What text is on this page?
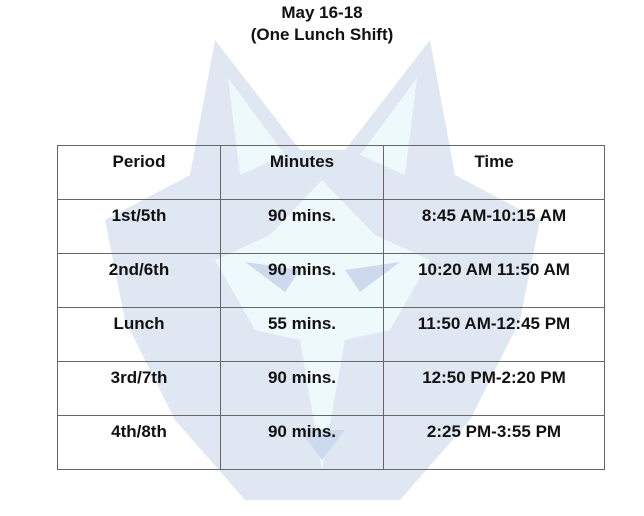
May 16-18
(One Lunch Shift)
Period	Minutes	Time
1st/5th	90 mins.	8:45 AM-10:15 AM
2nd/6th	90 mins.	10:20 AM 11:50 AM
Lunch	55 mins.	11:50 AM-12:45 PM
3rd/7th	90 mins.	12:50 PM-2:20 PM
4th/8th	90 mins.	2:25 PM-3:55 PM
